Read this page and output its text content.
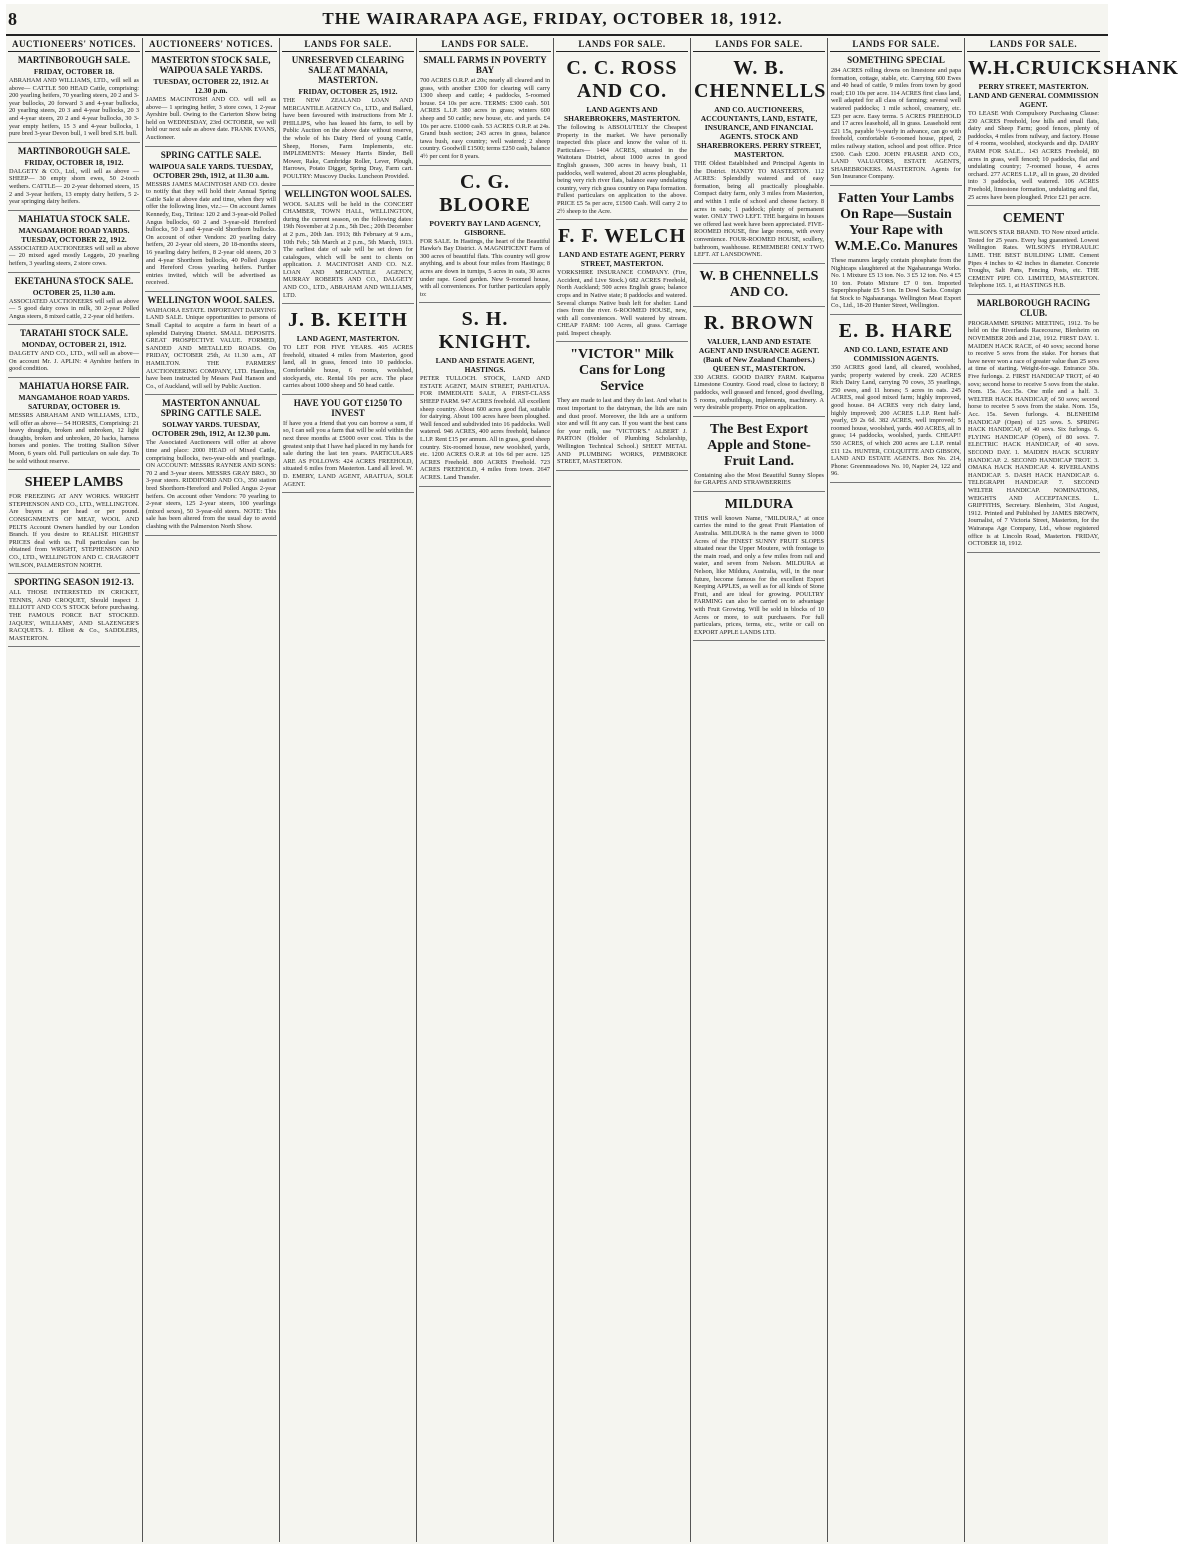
8	THE WAIRARAPA AGE, FRIDAY, OCTOBER 18, 1912.
AUCTIONEERS' NOTICES.
MARTINBOROUGH SALE.
FRIDAY, OCTOBER 18.

ABRAHAM AND WILLIAMS, LTD., will sell as above— CATTLE 500 HEAD Cattle, comprising: 200 yearling heifers, 70 yearling steers, 20 2 and 3-year bullocks, 20 forward 3 and 4-year bullocks, 20 yearling steers, 20 3 and 4-year bullocks, 20 3 and 4-year steers, 20 2 and 4-year bullocks, 30 3-year empty heifers, 15 3 and 4-year bullocks, 1 pure bred 3-year Devon bull, 1 well bred S.H. bull.

MARTINBOROUGH SALE.
FRIDAY, OCTOBER 18, 1912.

DALGETY & CO., Ltd., will sell as above — SHEEP— 30 empty shorn ewes, 50 2-tooth wethers. CATTLE— 20 2-year dehorned steers, 15 2 and 3-year heifers, 13 empty dairy heifers, 5 2-year springing dairy heifers.

MAHIATUA STOCK SALE.
MANGAMAHOE ROAD YARDS. TUESDAY, OCTOBER 22, 1912.

ASSOCIATED AUCTIONEERS will sell as above— 20 mixed aged mostly Leggets, 20 yearling heifers, 3 yearling steers, 2 store cows.

EKETAHUNA STOCK SALE.
OCTOBER 25, 11.30 a.m.

ASSOCIATED AUCTIONEERS will sell as above— 5 good dairy cows in milk, 30 2-year Polled Angus steers, 8 mixed cattle, 2 2-year old heifers.

TARATAHI STOCK SALE.
MONDAY, OCTOBER 21, 1912.

DALGETY AND CO., LTD., will sell as above— On account Mr. J. APLIN: 4 Ayrshire heifers in good condition.

MAHIATUA HORSE FAIR.
MANGAMAHOE ROAD YARDS. SATURDAY, OCTOBER 19.

MESSRS ABRAHAM AND WILLIAMS, LTD., will offer as above— 54 HORSES, Comprising: 21 heavy draughts, broken and unbroken, 12 light draughts, broken and unbroken, 20 hacks, harness horses and ponies. The trotting Stallion Silver Moon, 6 years old. Full particulars on sale day. To be sold without reserve.

SHEEP LAMBS

FOR FREEZING AT ANY WORKS. WRIGHT STEPHENSON AND CO., LTD., WELLINGTON. Are buyers at per head or per pound. CONSIGNMENTS OF MEAT, WOOL AND PELTS Account Owners handled by our London Branch. If you desire to REALISE HIGHEST PRICES deal with us. Full particulars can be obtained from WRIGHT, STEPHENSON AND CO., LTD., WELLINGTON AND C. CRAGROFT WILSON, PALMERSTON NORTH.

SPORTING SEASON 1912-13.

ALL THOSE INTERESTED IN CRICKET, TENNIS, AND CROQUET, Should inspect J. ELLIOTT AND CO.'S STOCK before purchasing. THE FAMOUS FORCE BAT STOCKED. JAQUES', WILLIAMS', AND SLAZENGER'S RACQUETS. J. Elliott & Co., SADDLERS, MASTERTON.

AUCTIONEERS' NOTICES.
MASTERTON STOCK SALE, WAIPOUA SALE YARDS.
TUESDAY, OCTOBER 22, 1912. At 12.30 p.m.

JAMES MACINTOSH AND CO. will sell as above— 1 springing heifer, 3 store cows, 1 2-year Ayrshire bull. Owing to the Carterton Show being held on WEDNESDAY, 23rd OCTOBER, we will hold our next sale as above date. FRANK EVANS, Auctioneer.

SPRING CATTLE SALE.
WAIPOUA SALE YARDS. TUESDAY, OCTOBER 29th, 1912, at 11.30 a.m.

MESSRS JAMES MACINTOSH AND CO. desire to notify that they will hold their Annual Spring Cattle Sale at above date and time, when they will offer the following lines, viz.:— On account James Kennedy, Esq., Tiritea: 120 2 and 3-year-old Polled Angus bullocks, 60 2 and 3-year-old Hereford bullocks, 50 3 and 4-year-old Shorthorn bullocks. On account of other Vendors: 20 yearling dairy heifers, 20 2-year old steers, 20 18-months steers, 16 yearling dairy heifers, 8 2-year old steers, 20 3 and 4-year Shorthorn bullocks, 40 Polled Angus and Hereford Cross yearling heifers. Further entries invited, which will be advertised as received.

WELLINGTON WOOL SALES.

WAIHAORA ESTATE. IMPORTANT DAIRYING LAND SALE. Unique opportunities to persons of Small Capital to acquire a farm in heart of a splendid Dairying District. SMALL DEPOSITS. GREAT PROSPECTIVE VALUE. FORMED, SANDED AND METALLED ROADS. On FRIDAY, OCTOBER 25th, At 11.30 a.m., AT HAMILTON. THE FARMERS' AUCTIONEERING COMPANY, LTD. Hamilton, have been instructed by Messrs Paul Hanson and Co., of Auckland, will sell by Public Auction.

MASTERTON ANNUAL SPRING CATTLE SALE.
SOLWAY YARDS. TUESDAY, OCTOBER 29th, 1912, At 12.30 p.m.

The Associated Auctioneers will offer at above time and place: 2000 HEAD of Mixed Cattle, comprising bullocks, two-year-olds and yearlings. ON ACCOUNT: MESSRS RAYNER AND SONS: 70 2 and 3-year steers. MESSRS GRAY BRO., 30 3-year steers. RIDDIFORD AND CO., 350 station bred Shorthorn-Hereford and Polled Angus 2-year heifers. On account other Vendors: 70 yearling to 2-year steers, 125 2-year steers, 100 yearlings (mixed sexes), 50 3-year-old steers. NOTE: This sale has been altered from the usual day to avoid clashing with the Palmerston North Show.

LANDS FOR SALE.
UNRESERVED CLEARING SALE AT MANAIA, MASTERTON.
FRIDAY, OCTOBER 25, 1912.

THE NEW ZEALAND LOAN AND MERCANTILE AGENCY Co., LTD., and Ballard, have been favoured with instructions from Mr J. PHILLIPS, who has leased his farm, to sell by Public Auction on the above date without reserve, the whole of his Dairy Herd of young Cattle, Sheep, Horses, Farm Implements, etc. IMPLEMENTS: Messey Harris Binder, Bell Mower, Rake, Cambridge Roller, Lever, Plough, Harrows, Potato Digger, Spring Dray, Farm cart. POULTRY: Muscovy Ducks. Luncheon Provided.

WELLINGTON WOOL SALES.

WOOL SALES will be held in the CONCERT CHAMBER, TOWN HALL, WELLINGTON, during the current season, on the following dates: 19th November at 2 p.m., 5th Dec.; 20th December at 2 p.m., 20th Jan. 1913; 8th February at 9 a.m., 10th Feb.; 5th March at 2 p.m., 5th March, 1913. The earliest date of sale will be set down for catalogues, which will be sent to clients on application. J. MACINTOSH AND CO. N.Z. LOAN AND MERCANTILE AGENCY, MURRAY ROBERTS AND CO., DALGETY AND CO., LTD., ABRAHAM AND WILLIAMS, LTD.

J. B. KEITH
LAND AGENT, MASTERTON.

TO LET FOR FIVE YEARS. 405 ACRES freehold, situated 4 miles from Masterton, good land, all in grass, fenced into 10 paddocks. Comfortable house, 6 rooms, woolshed, stockyards, etc. Rental 10s per acre. The place carries about 1000 sheep and 50 head cattle.

HAVE YOU GOT £1250 TO INVEST

If have you a friend that you can borrow a sum, if so, I can sell you a farm that will be sold within the next three months at £5000 over cost. This is the greatest snip that I have had placed in my hands for sale during the last ten years. PARTICULARS ARE AS FOLLOWS: 424 ACRES FREEHOLD, situated 6 miles from Masterton. Land all level. W. D. EMERY, LAND AGENT, ARAITUA, SOLE AGENT.

LANDS FOR SALE.
SMALL FARMS IN POVERTY BAY

700 ACRES O.R.P. at 20s; nearly all cleared and in grass, with another £300 for clearing will carry 1300 sheep and cattle; 4 paddocks, 5-roomed house. £4 10s per acre. TERMS: £300 cash. 501 ACRES L.I.P. 380 acres in grass; winters 600 sheep and 50 cattle; new house, etc. and yards. £4 10s per acre. £1000 cash. 53 ACRES O.R.P. at 24s. Grand bush section; 243 acres in grass, balance tawa bush, easy country; well watered; 2 sheep country. Goodwill £1500; terms £250 cash, balance 4½ per cent for 8 years.

C. G. BLOORE
POVERTY BAY LAND AGENCY, GISBORNE.

FOR SALE. In Hastings, the heart of the Beautiful Hawke's Bay District. A MAGNIFICENT Farm of 300 acres of beautiful flats. This country will grow anything, and is about four miles from Hastings; 8 acres are down in turnips, 5 acres in oats, 30 acres under rape. Good garden. New 9-roomed house, with all conveniences. For further particulars apply to:

S. H. KNIGHT.
LAND AND ESTATE AGENT, HASTINGS.

PETER TULLOCH. STOCK, LAND AND ESTATE AGENT, MAIN STREET, PAHIATUA. FOR IMMEDIATE SALE, A FIRST-CLASS SHEEP FARM. 947 ACRES freehold. All excellent sheep country. About 600 acres good flat, suitable for dairying. About 100 acres have been ploughed. Well fenced and subdivided into 16 paddocks. Well watered. 946 ACRES, 400 acres freehold, balance L.I.P. Rent £15 per annum. All in grass, good sheep country. Six-roomed house, new woolshed, yards, etc. 1200 ACRES O.R.P. at 10s 6d per acre. 125 ACRES Freehold. 800 ACRES Freehold. 723 ACRES FREEHOLD, 4 miles from town. 2647 ACRES. Land Transfer.

LANDS FOR SALE.
C. C. ROSS AND CO.
LAND AGENTS AND SHAREBROKERS, MASTERTON.

The following is ABSOLUTELY the Cheapest Property in the market. We have personally inspected this place and know the value of it. Particulars— 1404 ACRES, situated in the Waitotara District, about 1000 acres in good English grasses, 300 acres in heavy bush, 11 paddocks, well watered, about 20 acres ploughable, being very rich river flats, balance easy undulating country, very rich grass country on Papa formation. Fullest particulars on application to the above. PRICE £5 5s per acre, £1500 Cash. Will carry 2 to 2½ sheep to the Acre.

F. F. WELCH
LAND AND ESTATE AGENT, PERRY STREET, MASTERTON.

YORKSHIRE INSURANCE COMPANY. (Fire, Accident, and Live Stock.) 682 ACRES Freehold, North Auckland; 500 acres English grass; balance crops and in Native state; 8 paddocks and watered. Several clumps Native bush left for shelter. Land rises from the river. 6-ROOMED HOUSE, new, with all conveniences. Well watered by stream. CHEAP FARM: 100 Acres, all grass. Carriage paid. Inspect cheaply.

"VICTOR" Milk Cans for Long Service

They are made to last and they do last. And what is most important to the dairyman, the lids are rain and dust proof. Moreover, the lids are a uniform size and will fit any can. If you want the best cans for your milk, use "VICTOR'S." ALBERT J. PARTON (Holder of Plumbing Scholarship, Wellington Technical School.) SHEET METAL AND PLUMBING WORKS, PEMBROKE STREET, MASTERTON.

LANDS FOR SALE.
W. B. CHENNELLS
AND CO. AUCTIONEERS, ACCOUNTANTS, LAND, ESTATE, INSURANCE, AND FINANCIAL AGENTS. STOCK AND SHAREBROKERS. PERRY STREET, MASTERTON.

THE Oldest Established and Principal Agents in the District. HANDY TO MASTERTON. 112 ACRES: Splendidly watered and of easy formation, being all practically ploughable. Compact dairy farm, only 3 miles from Masterton, and within 1 mile of school and cheese factory. 8 acres in oats; 1 paddock; plenty of permanent water. ONLY TWO LEFT. THE bargains in houses we offered last week have been appreciated. FIVE-ROOMED HOUSE, fine large rooms, with every convenience. FOUR-ROOMED HOUSE, scullery, bathroom, washhouse. REMEMBER! ONLY TWO LEFT. AT LANSDOWNE.

W. B CHENNELLS AND CO.
R. BROWN
VALUER, LAND AND ESTATE AGENT AND INSURANCE AGENT. (Bank of New Zealand Chambers.) QUEEN ST., MASTERTON.

330 ACRES. GOOD DAIRY FARM. Kaiparoa Limestone Country. Good road, close to factory; 8 paddocks, well grassed and fenced, good dwelling, 5 rooms, outbuildings, implements, machinery. A very desirable property. Price on application.

The Best Export Apple and Stone-Fruit Land.

Containing also the Most Beautiful Sunny Slopes for GRAPES AND STRAWBERRIES

MILDURA

THIS well known Name, "MILDURA," at once carries the mind to the great Fruit Plantation of Australia. MILDURA is the name given to 1000 Acres of the FINEST SUNNY FRUIT SLOPES situated near the Upper Moutere, with frontage to the main road, and only a few miles from rail and water, and seven from Nelson. MILDURA at Nelson, like Mildura, Australia, will, in the near future, become famous for the excellent Export Keeping APPLES, as well as for all kinds of Stone Fruit, and are ideal for growing. POULTRY FARMING can also be carried on to advantage with Fruit Growing. Will be sold in blocks of 10 Acres or more, to suit purchasers. For full particulars, prices, terms, etc., write or call on EXPORT APPLE LANDS LTD.

LANDS FOR SALE.
SOMETHING SPECIAL

284 ACRES rolling downs on limestone and papa formation, cottage, stable, etc. Carrying 600 Ewes and 40 head of cattle, 9 miles from town by good road; £10 10s per acre. 114 ACRES first class land, well adapted for all class of farming; several well watered paddocks; 1 mile school, creamery, etc. £23 per acre. Easy terms. 5 ACRES FREEHOLD and 17 acres leasehold, all in grass. Leasehold rent £21 15s, payable ½-yearly in advance, can go with freehold, comfortable 6-roomed house, piped, 2 miles railway station, school and post office. Price £500. Cash £200. JOHN FRASER AND CO., LAND VALUATORS, ESTATE AGENTS, SHAREBROKERS. MASTERTON. Agents for Sun Insurance Company.

Fatten Your Lambs On Rape—Sustain Your Rape with W.M.E.Co. Manures

These manures largely contain phosphate from the Nightcaps slaughtered at the Ngahauranga Works. No. 1 Mixture £5 13 ton. No. 3 £5 12 ton. No. 4 £5 10 ton. Potato Mixture £7 0 ton. Imported Superphosphate £5 5 ton. In Dowl Sacks. Consign fat Stock to Ngahauranga. Wellington Meat Export Co., Ltd., 18-20 Hunter Street, Wellington.

E. B. HARE
AND CO. LAND, ESTATE AND COMMISSION AGENTS.

350 ACRES good land, all cleared, woolshed, yards; property watered by creek. 220 ACRES Rich Dairy Land, carrying 70 cows, 35 yearlings, 250 ewes, and 11 horses; 5 acres in oats. 245 ACRES, real good mixed farm; highly improved, good house. 84 ACRES very rich dairy land, highly improved; 200 ACRES L.I.P. Rent half-yearly, £9 2s 6d. 382 ACRES, well improved; 5 roomed house, woolshed, yards. 460 ACRES, all in grass; 14 paddocks, woolshed, yards. CHEAP!! 550 ACRES, of which 200 acres are L.I.P. rental £11 12s. HUNTER, COLQUITTE AND GIBSON, LAND AND ESTATE AGENTS. Box No. 214, Phone: Greenmeadows No. 10, Napier 24, 122 and 96.

LANDS FOR SALE.
W.H.CRUICKSHANK
PERRY STREET, MASTERTON. LAND AND GENERAL COMMISSION AGENT.

TO LEASE With Compulsory Purchasing Clause: 230 ACRES Freehold, low hills and small flats, dairy and Sheep Farm; good fences, plenty of paddocks, 4 miles from railway, and factory. House of 4 rooms, woolshed, stockyards and dip. DAIRY FARM FOR SALE... 143 ACRES Freehold, 80 acres in grass, well fenced; 10 paddocks, flat and undulating country; 7-roomed house, 4 acres orchard. 277 ACRES L.I.P., all in grass, 20 divided into 3 paddocks, well watered. 106 ACRES Freehold, limestone formation, undulating and flat, 25 acres have been ploughed. Price £21 per acre.

CEMENT

WILSON'S STAR BRAND. TO Now nixed article. Tested for 25 years. Every bag guaranteed. Lowest Wellington Rates. WILSON'S HYDRAULIC LIME. THE BEST BUILDING LIME. Cement Pipes 4 inches to 42 inches in diameter. Concrete Troughs, Salt Pans, Fencing Posts, etc. THE CEMENT PIPE CO. LIMITED, MASTERTON. Telephone 165. 1, at HASTINGS H.B.

MARLBOROUGH RACING CLUB.

PROGRAMME SPRING MEETING, 1912. To be held on the Riverlands Racecourse, Blenheim on NOVEMBER 20th and 21st, 1912. FIRST DAY. 1. MAIDEN HACK RACE, of 40 sovs; second horse to receive 5 sovs from the stake. For horses that have never won a race of greater value than 25 sovs at time of starting. Weight-for-age. Entrance 30s. Five furlongs. 2. FIRST HANDICAP TROT, of 40 sovs; second horse to receive 5 sovs from the stake. Nom. 15s. Acc.15s. One mile and a half. 3. WELTER HACK HANDICAP, of 50 sovs; second horse to receive 5 sovs from the stake. Nom. 15s, Acc. 15s. Seven furlongs. 4. BLENHEIM HANDICAP (Open) of 125 sovs. 5. SPRING HACK HANDICAP, of 40 sovs. Six furlongs. 6. FLYING HANDICAP (Open), of 80 sovs. 7. ELECTRIC HACK HANDICAP, of 40 sovs. SECOND DAY. 1. MAIDEN HACK SCURRY HANDICAP. 2. SECOND HANDICAP TROT. 3. OMAKA HACK HANDICAP. 4. RIVERLANDS HANDICAP. 5. DASH HACK HANDICAP. 6. TELEGRAPH HANDICAP. 7. SECOND WELTER HANDICAP. NOMINATIONS, WEIGHTS AND ACCEPTANCES. L. GRIFFITHS, Secretary. Blenheim, 31st August, 1912. Printed and Published by JAMES BROWN, Journalist, of 7 Victoria Street, Masterton, for the Wairarapa Age Company, Ltd., whose registered office is at Lincoln Road, Masterton. FRIDAY, OCTOBER 18, 1912.
